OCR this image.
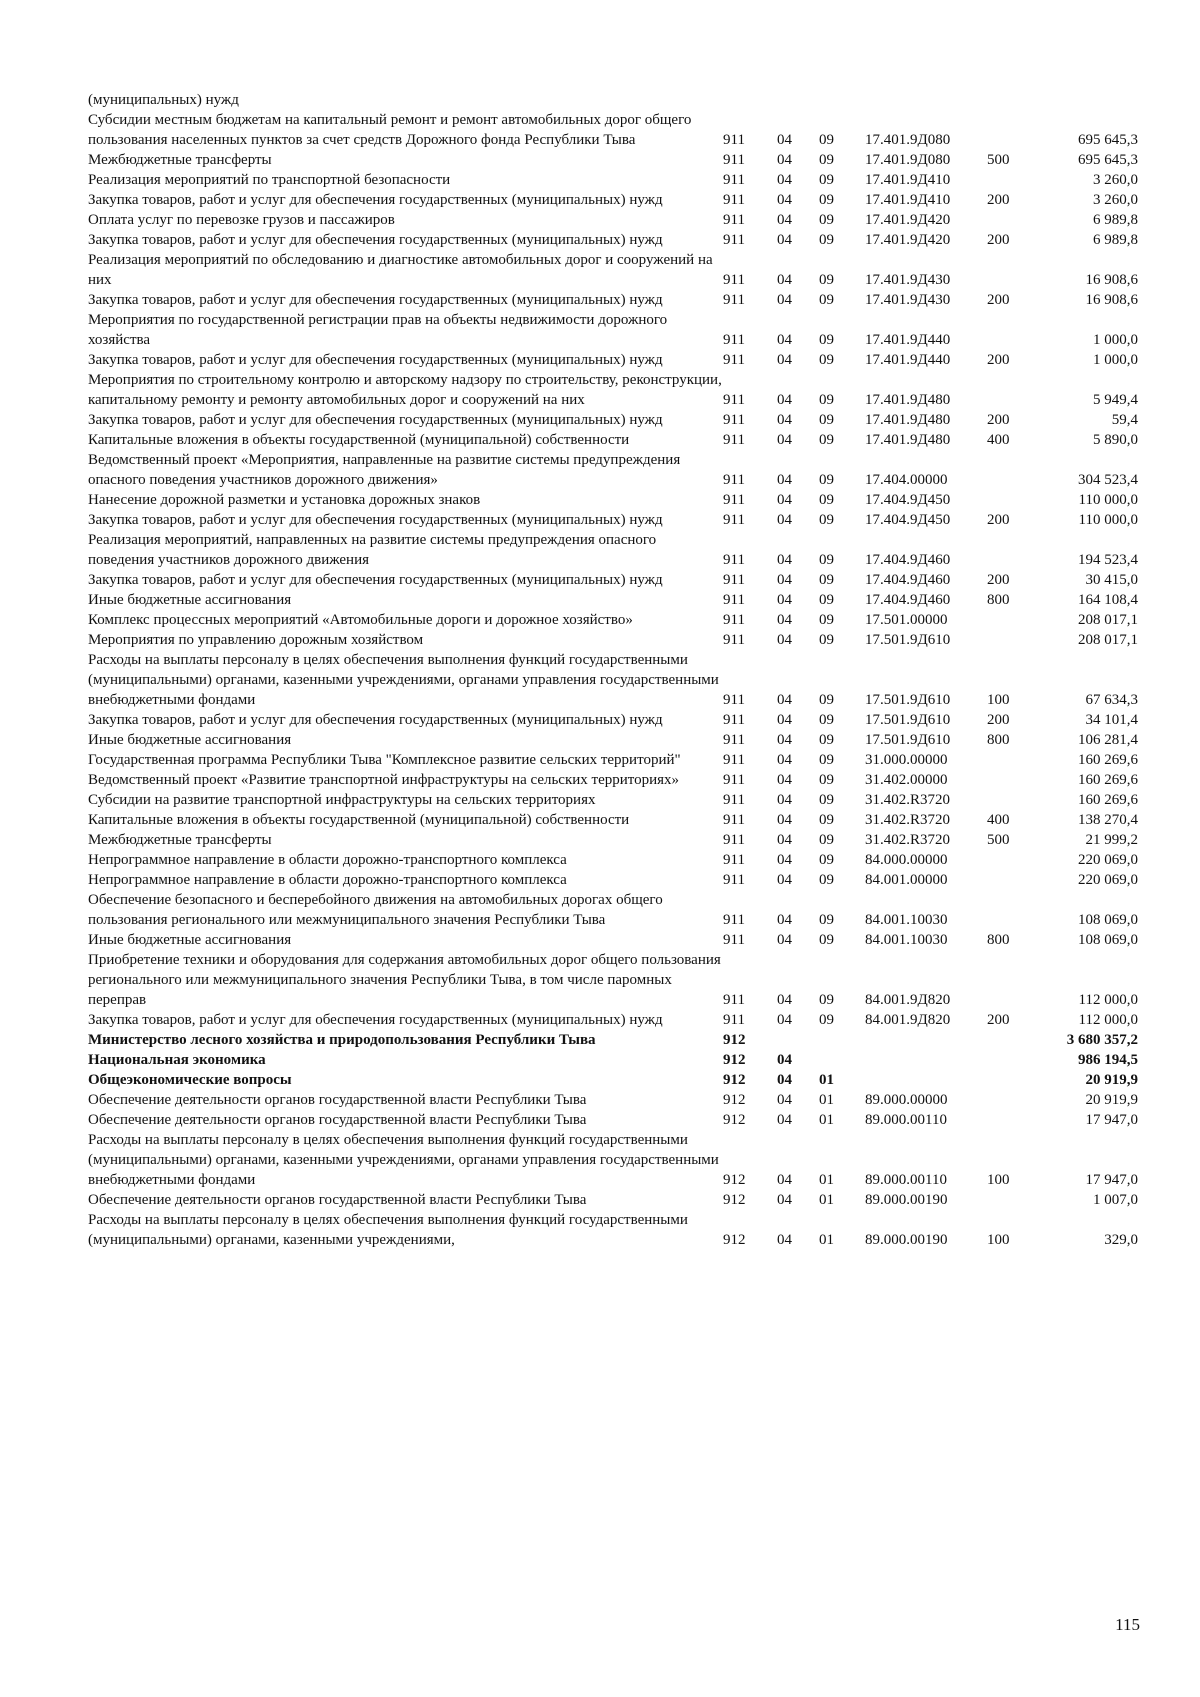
(муниципальных) нужд						
Субсидии местным бюджетам на капитальный ремонт и ремонт автомобильных дорог общего пользования населенных пунктов за счет средств Дорожного фонда Республики Тыва	911	04	09	17.401.9Д080		695 645,3
Межбюджетные трансферты	911	04	09	17.401.9Д080	500	695 645,3
Реализация мероприятий по транспортной безопасности	911	04	09	17.401.9Д410		3 260,0
Закупка товаров, работ и услуг для обеспечения государственных (муниципальных) нужд	911	04	09	17.401.9Д410	200	3 260,0
Оплата услуг по перевозке грузов и пассажиров	911	04	09	17.401.9Д420		6 989,8
Закупка товаров, работ и услуг для обеспечения государственных (муниципальных) нужд	911	04	09	17.401.9Д420	200	6 989,8
Реализация мероприятий по обследованию и диагностике автомобильных дорог и сооружений на них	911	04	09	17.401.9Д430		16 908,6
Закупка товаров, работ и услуг для обеспечения государственных (муниципальных) нужд	911	04	09	17.401.9Д430	200	16 908,6
Мероприятия по государственной регистрации прав на объекты недвижимости дорожного хозяйства	911	04	09	17.401.9Д440		1 000,0
Закупка товаров, работ и услуг для обеспечения государственных (муниципальных) нужд	911	04	09	17.401.9Д440	200	1 000,0
Мероприятия по строительному контролю и авторскому надзору по строительству, реконструкции, капитальному ремонту и ремонту автомобильных дорог и сооружений на них	911	04	09	17.401.9Д480		5 949,4
Закупка товаров, работ и услуг для обеспечения государственных (муниципальных) нужд	911	04	09	17.401.9Д480	200	59,4
Капитальные вложения в объекты государственной (муниципальной) собственности	911	04	09	17.401.9Д480	400	5 890,0
Ведомственный проект «Мероприятия, направленные на развитие системы предупреждения опасного поведения участников дорожного движения»	911	04	09	17.404.00000		304 523,4
Нанесение дорожной разметки и установка дорожных знаков	911	04	09	17.404.9Д450		110 000,0
Закупка товаров, работ и услуг для обеспечения государственных (муниципальных) нужд	911	04	09	17.404.9Д450	200	110 000,0
Реализация мероприятий, направленных на развитие системы предупреждения опасного поведения участников дорожного движения	911	04	09	17.404.9Д460		194 523,4
Закупка товаров, работ и услуг для обеспечения государственных (муниципальных) нужд	911	04	09	17.404.9Д460	200	30 415,0
Иные бюджетные ассигнования	911	04	09	17.404.9Д460	800	164 108,4
Комплекс процессных мероприятий «Автомобильные дороги и дорожное хозяйство»	911	04	09	17.501.00000		208 017,1
Мероприятия по управлению дорожным хозяйством	911	04	09	17.501.9Д610		208 017,1
Расходы на выплаты персоналу в целях обеспечения выполнения функций государственными (муниципальными) органами, казенными учреждениями, органами управления государственными внебюджетными фондами	911	04	09	17.501.9Д610	100	67 634,3
Закупка товаров, работ и услуг для обеспечения государственных (муниципальных) нужд	911	04	09	17.501.9Д610	200	34 101,4
Иные бюджетные ассигнования	911	04	09	17.501.9Д610	800	106 281,4
Государственная программа Республики Тыва "Комплексное развитие сельских территорий"	911	04	09	31.000.00000		160 269,6
Ведомственный проект «Развитие транспортной инфраструктуры на сельских территориях»	911	04	09	31.402.00000		160 269,6
Субсидии на развитие транспортной инфраструктуры на сельских территориях	911	04	09	31.402.R3720		160 269,6
Капитальные вложения в объекты государственной (муниципальной) собственности	911	04	09	31.402.R3720	400	138 270,4
Межбюджетные трансферты	911	04	09	31.402.R3720	500	21 999,2
Непрограммное направление в области дорожно-транспортного комплекса	911	04	09	84.000.00000		220 069,0
Непрограммное направление в области дорожно-транспортного комплекса	911	04	09	84.001.00000		220 069,0
Обеспечение безопасного и бесперебойного движения на автомобильных дорогах общего пользования регионального или межмуниципального значения Республики Тыва	911	04	09	84.001.10030		108 069,0
Иные бюджетные ассигнования	911	04	09	84.001.10030	800	108 069,0
Приобретение техники и оборудования для содержания автомобильных дорог общего пользования регионального или межмуниципального значения Республики Тыва, в том числе паромных переправ	911	04	09	84.001.9Д820		112 000,0
Закупка товаров, работ и услуг для обеспечения государственных (муниципальных) нужд	911	04	09	84.001.9Д820	200	112 000,0
Министерство лесного хозяйства и природопользования Республики Тыва	912					3 680 357,2
Национальная экономика	912	04				986 194,5
Общеэкономические вопросы	912	04	01			20 919,9
Обеспечение деятельности органов государственной власти Республики Тыва	912	04	01	89.000.00000		20 919,9
Обеспечение деятельности органов государственной власти Республики Тыва	912	04	01	89.000.00110		17 947,0
Расходы на выплаты персоналу в целях обеспечения выполнения функций государственными (муниципальными) органами, казенными учреждениями, органами управления государственными внебюджетными фондами	912	04	01	89.000.00110	100	17 947,0
Обеспечение деятельности органов государственной власти Республики Тыва	912	04	01	89.000.00190		1 007,0
Расходы на выплаты персоналу в целях обеспечения выполнения функций государственными (муниципальными) органами, казенными учреждениями,	912	04	01	89.000.00190	100	329,0
115
